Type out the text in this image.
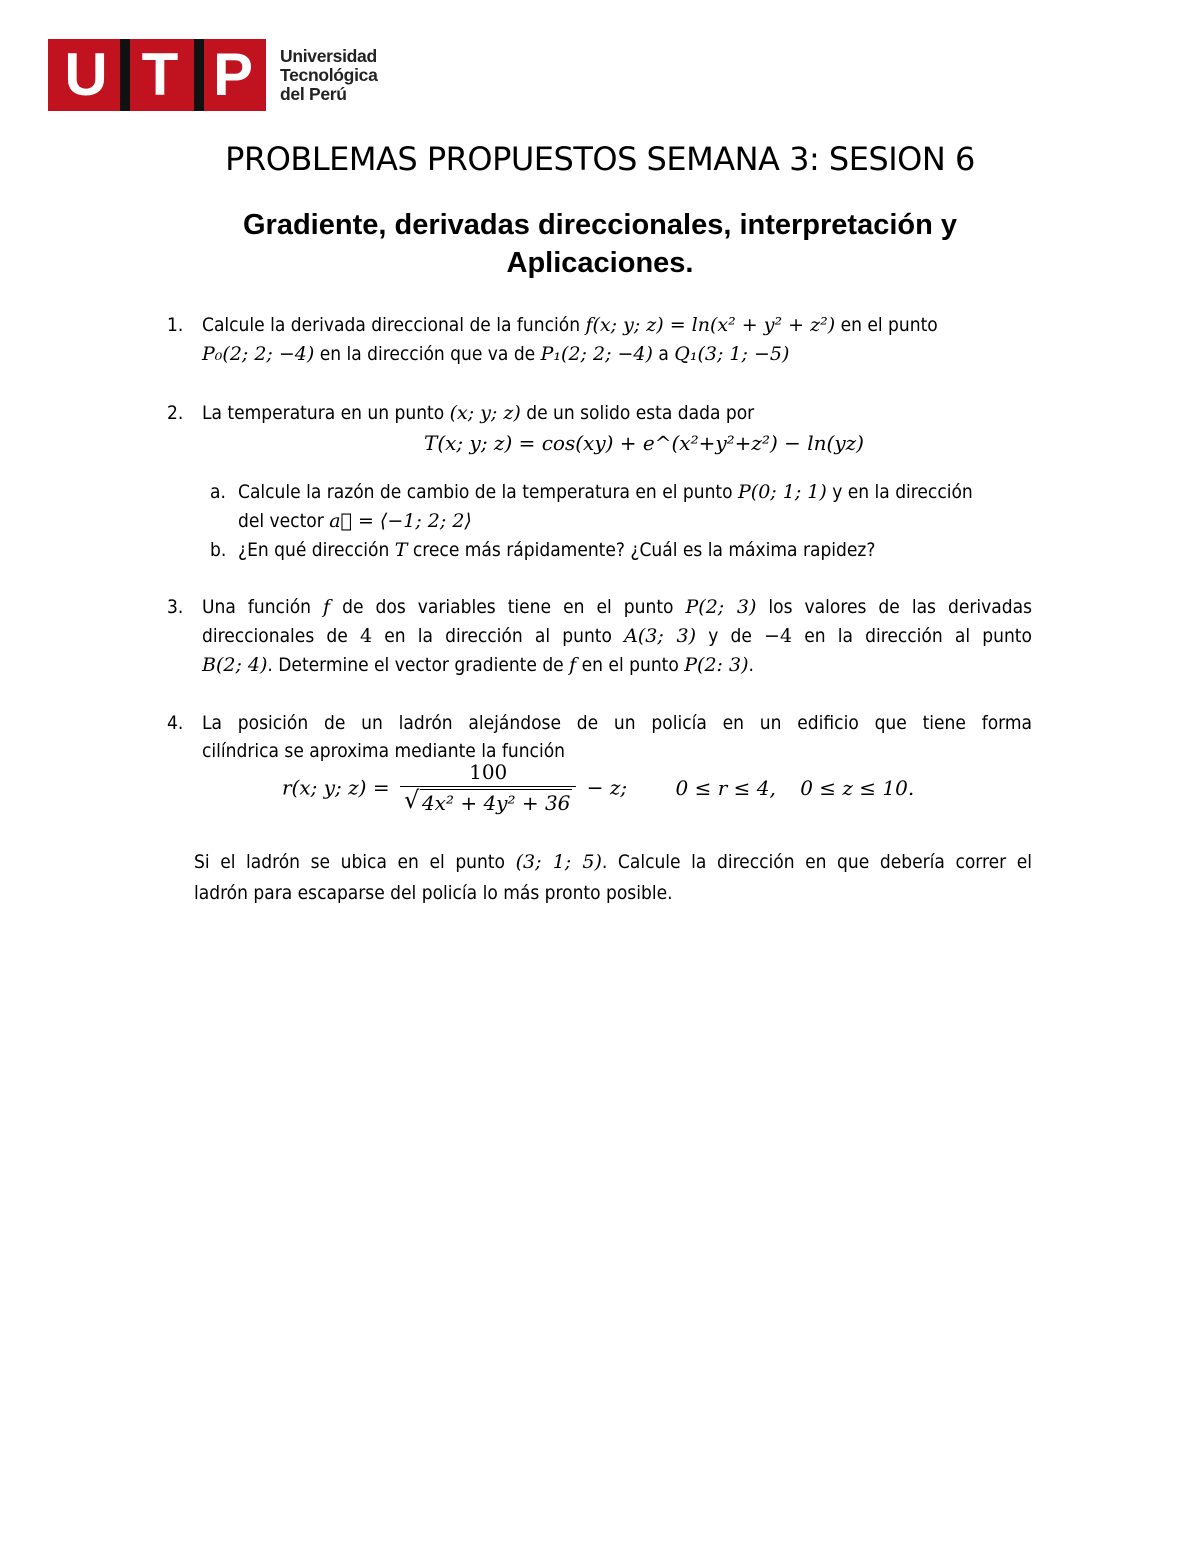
U T P	Universidad
Tecnológica
del Perú
PROBLEMAS PROPUESTOS SEMANA 3: SESION 6
Gradiente, derivadas direccionales, interpretación y
Aplicaciones.
1. Calcule la derivada direccional de la función f(x; y; z) = ln(x² + y² + z²) en el punto
P₀(2; 2; −4) en la dirección que va de P₁(2; 2; −4) a Q₁(3; 1; −5)
2. La temperatura en un punto (x; y; z) de un solido esta dada por
T(x; y; z) = cos(xy) + e^(x²+y²+z²) − ln(yz)
a. Calcule la razón de cambio de la temperatura en el punto P(0; 1; 1) y en la dirección
del vector a⃗ = ⟨−1; 2; 2⟩
b. ¿En qué dirección T crece más rápidamente? ¿Cuál es la máxima rapidez?
3. Una función f de dos variables tiene en el punto P(2; 3) los valores de las derivadas
direccionales de 4 en la dirección al punto A(3; 3) y de −4 en la dirección al punto
B(2; 4). Determine el vector gradiente de f en el punto P(2: 3).
4. La posición de un ladrón alejándose de un policía en un edificio que tiene forma
cilíndrica se aproxima mediante la función
r(x; y; z) = 100
√ 4x² + 4y² + 36 − z; 0 ≤ r ≤ 4, 0 ≤ z ≤ 10.
Si el ladrón se ubica en el punto (3; 1; 5). Calcule la dirección en que debería correr el
ladrón para escaparse del policía lo más pronto posible.
